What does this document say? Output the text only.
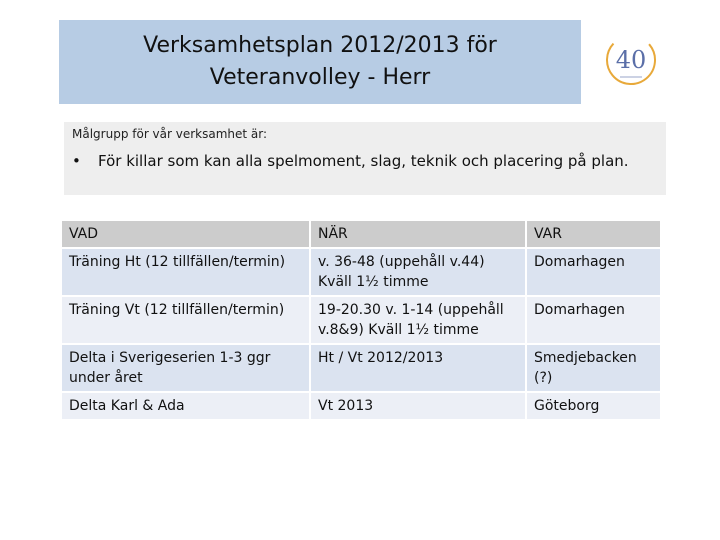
Verksamhetsplan 2012/2013 för
Veteranvolley - Herr
40
Målgrupp för vår verksamhet är:
•	För killar som kan alla spelmoment, slag, teknik och placering på plan.
VAD	NÄR	VAR
Träning Ht (12 tillfällen/termin)	v. 36-48 (uppehåll v.44) Kväll 1½ timme	Domarhagen
Träning Vt (12 tillfällen/termin)	19-20.30 v. 1-14 (uppehåll v.8&9) Kväll 1½ timme	Domarhagen
Delta i Sverigeserien 1-3 ggr under året	Ht / Vt 2012/2013	Smedjebacken (?)
Delta Karl & Ada	Vt 2013	Göteborg
